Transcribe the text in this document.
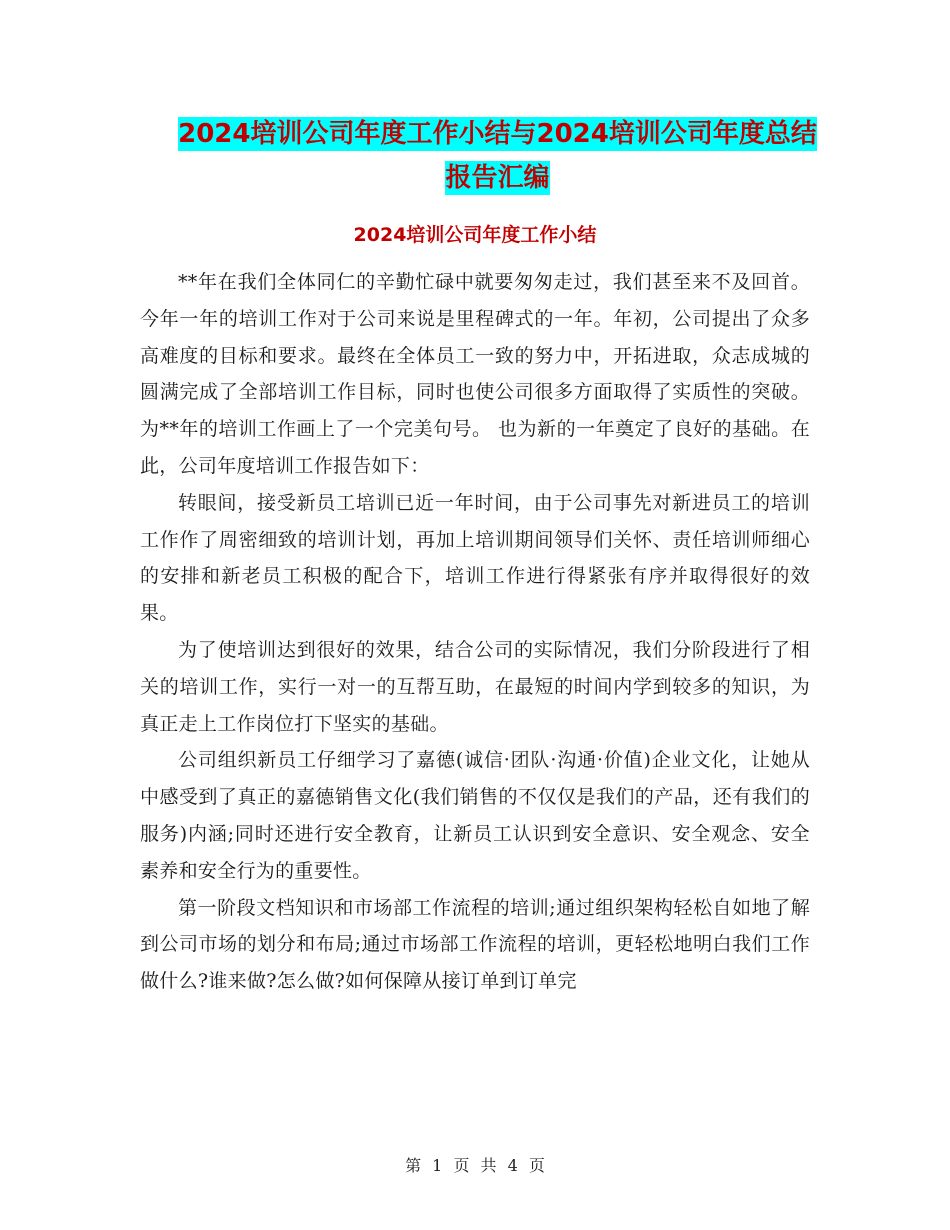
2024培训公司年度工作小结与2024培训公司年度总结
报告汇编
2024培训公司年度工作小结

**年在我们全体同仁的辛勤忙碌中就要匆匆走过，我们甚至来不及回首。今年一年的培训工作对于公司来说是里程碑式的一年。年初，公司提出了众多高难度的目标和要求。最终在全体员工一致的努力中，开拓进取，众志成城的圆满完成了全部培训工作目标，同时也使公司很多方面取得了实质性的突破。为**年的培训工作画上了一个完美句号。 也为新的一年奠定了良好的基础。在此，公司年度培训工作报告如下：

转眼间，接受新员工培训已近一年时间，由于公司事先对新进员工的培训工作作了周密细致的培训计划，再加上培训期间领导们关怀、责任培训师细心的安排和新老员工积极的配合下，培训工作进行得紧张有序并取得很好的效果。

为了使培训达到很好的效果，结合公司的实际情况，我们分阶段进行了相关的培训工作，实行一对一的互帮互助，在最短的时间内学到较多的知识，为真正走上工作岗位打下坚实的基础。

公司组织新员工仔细学习了嘉德(诚信·团队·沟通·价值)企业文化，让她从中感受到了真正的嘉德销售文化(我们销售的不仅仅是我们的产品，还有我们的服务)内涵;同时还进行安全教育，让新员工认识到安全意识、安全观念、安全素养和安全行为的重要性。

第一阶段文档知识和市场部工作流程的培训;通过组织架构轻松自如地了解到公司市场的划分和布局;通过市场部工作流程的培训，更轻松地明白我们工作做什么?谁来做?怎么做?如何保障从接订单到订单完

第 1 页 共 4 页
